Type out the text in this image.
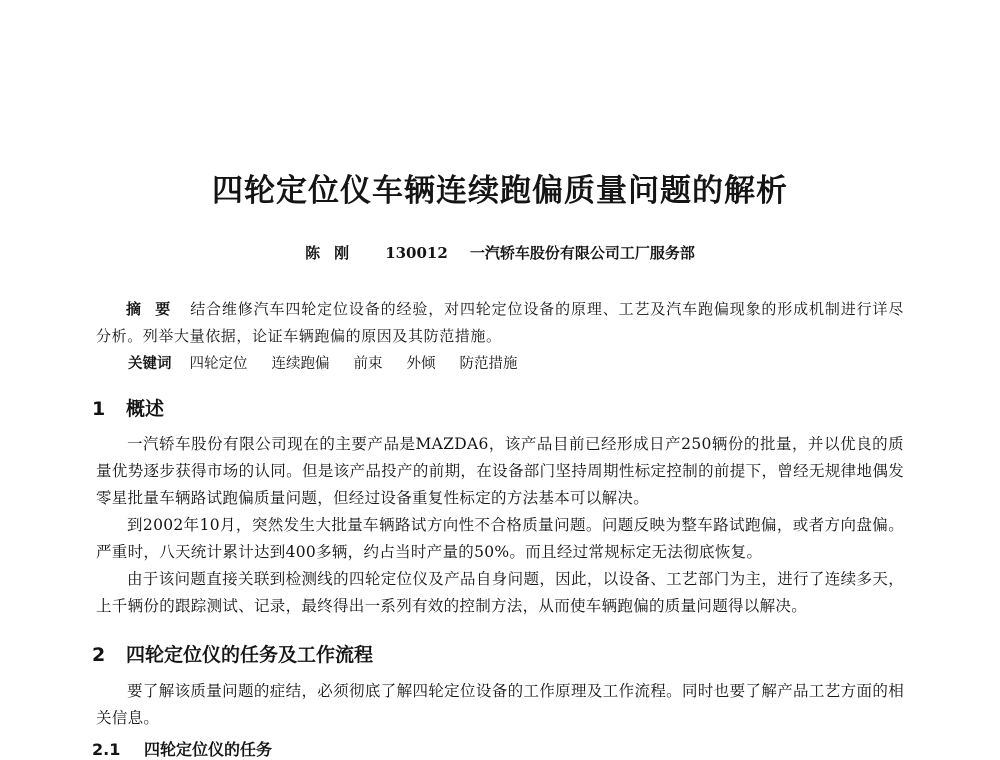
四轮定位仪车辆连续跑偏质量问题的解析
陈刚 130012 一汽轿车股份有限公司工厂服务部

摘要 结合维修汽车四轮定位设备的经验，对四轮定位设备的原理、工艺及汽车跑偏现象的形成机制进行详尽分析。列举大量依据，论证车辆跑偏的原因及其防范措施。

关键词 四轮定位 连续跑偏 前束 外倾 防范措施
1 概述

一汽轿车股份有限公司现在的主要产品是MAZDA6，该产品目前已经形成日产250辆份的批量，并以优良的质量优势逐步获得市场的认同。但是该产品投产的前期，在设备部门坚持周期性标定控制的前提下，曾经无规律地偶发零星批量车辆路试跑偏质量问题，但经过设备重复性标定的方法基本可以解决。

到2002年10月，突然发生大批量车辆路试方向性不合格质量问题。问题反映为整车路试跑偏，或者方向盘偏。严重时，八天统计累计达到400多辆，约占当时产量的50%。而且经过常规标定无法彻底恢复。

由于该问题直接关联到检测线的四轮定位仪及产品自身问题，因此，以设备、工艺部门为主，进行了连续多天，上千辆份的跟踪测试、记录，最终得出一系列有效的控制方法，从而使车辆跑偏的质量问题得以解决。

2 四轮定位仪的任务及工作流程

要了解该质量问题的症结，必须彻底了解四轮定位设备的工作原理及工作流程。同时也要了解产品工艺方面的相关信息。

2.1 四轮定位仪的任务
